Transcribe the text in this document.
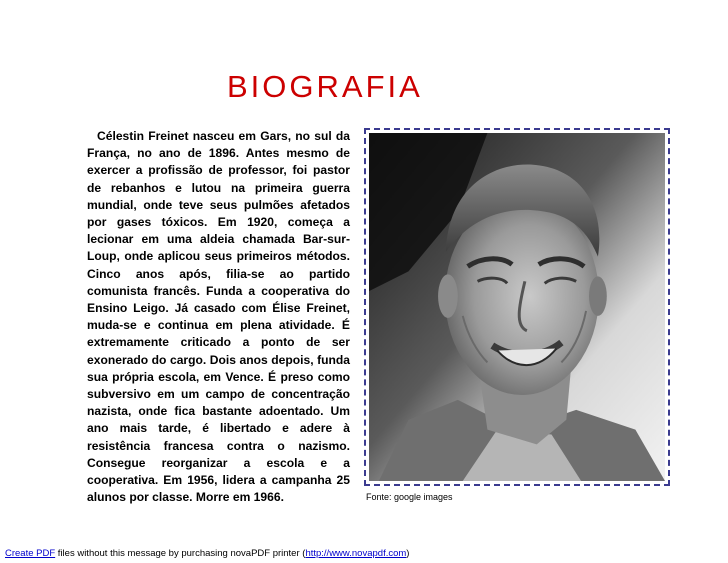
BIOGRAFIA
Célestin Freinet nasceu em Gars, no sul da França, no ano de 1896. Antes mesmo de exercer a profissão de professor, foi pastor de rebanhos e lutou na primeira guerra mundial, onde teve seus pulmões afetados por gases tóxicos. Em 1920, começa a lecionar em uma aldeia chamada Bar-sur-Loup, onde aplicou seus primeiros métodos. Cinco anos após, filia-se ao partido comunista francês. Funda a cooperativa do Ensino Leigo. Já casado com Élise Freinet, muda-se e continua em plena atividade. É extremamente criticado a ponto de ser exonerado do cargo. Dois anos depois, funda sua própria escola, em Vence. É preso como subversivo em um campo de concentração nazista, onde fica bastante adoentado. Um ano mais tarde, é libertado e adere à resistência francesa contra o nazismo. Consegue reorganizar a escola e a cooperativa. Em 1956, lidera a campanha 25 alunos por classe. Morre em 1966.	Fonte: google images
Create PDF files without this message by purchasing novaPDF printer (http://www.novapdf.com)
